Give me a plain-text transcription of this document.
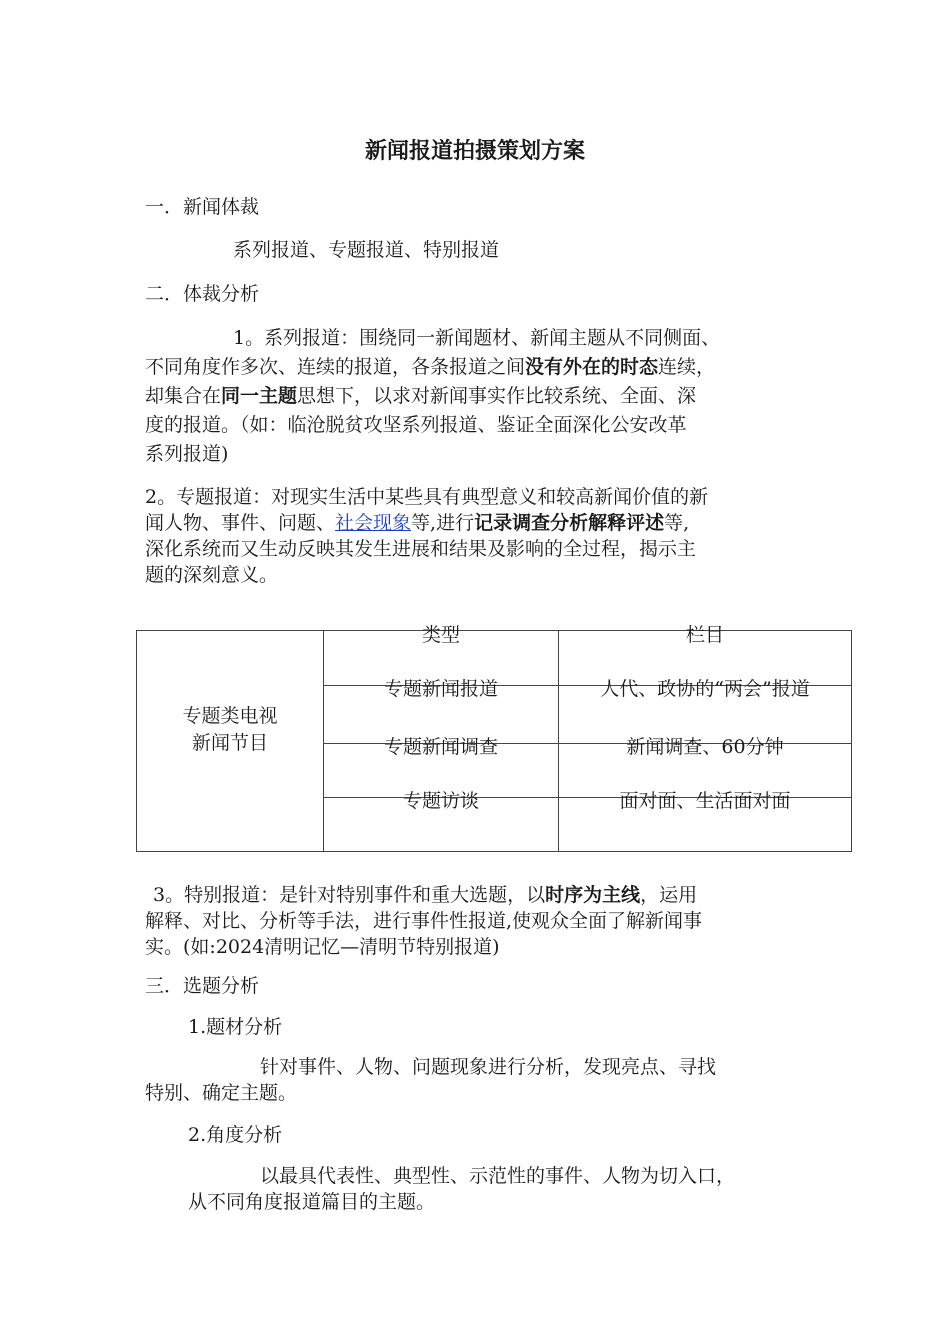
新闻报道拍摄策划方案
一．新闻体裁
系列报道、专题报道、特别报道
二．体裁分析
1。系列报道：围绕同一新闻题材、新闻主题从不同侧面、
不同角度作多次、连续的报道，各条报道之间没有外在的时态连续，
却集合在同一主题思想下，以求对新闻事实作比较系统、全面、深
度的报道。（如：临沧脱贫攻坚系列报道、鉴证全面深化公安改革
系列报道)
2。专题报道：对现实生活中某些具有典型意义和较高新闻价值的新
闻人物、事件、问题、社会现象等,进行记录调查分析解释评述等,
深化系统而又生动反映其发生进展和结果及影响的全过程，揭示主
题的深刻意义。
专题类电视
新闻节目
类型	栏目
专题新闻报道	人代、政协的“两会”报道
专题新闻调查	新闻调查、60分钟
专题访谈	面对面、生活面对面
3。特别报道：是针对特别事件和重大选题，以时序为主线，运用
解释、对比、分析等手法，进行事件性报道,使观众全面了解新闻事
实。(如:2024清明记忆—清明节特别报道)
三．选题分析
1.题材分析
针对事件、人物、问题现象进行分析，发现亮点、寻找
特别、确定主题。
2.角度分析
以最具代表性、典型性、示范性的事件、人物为切入口，
从不同角度报道篇目的主题。
